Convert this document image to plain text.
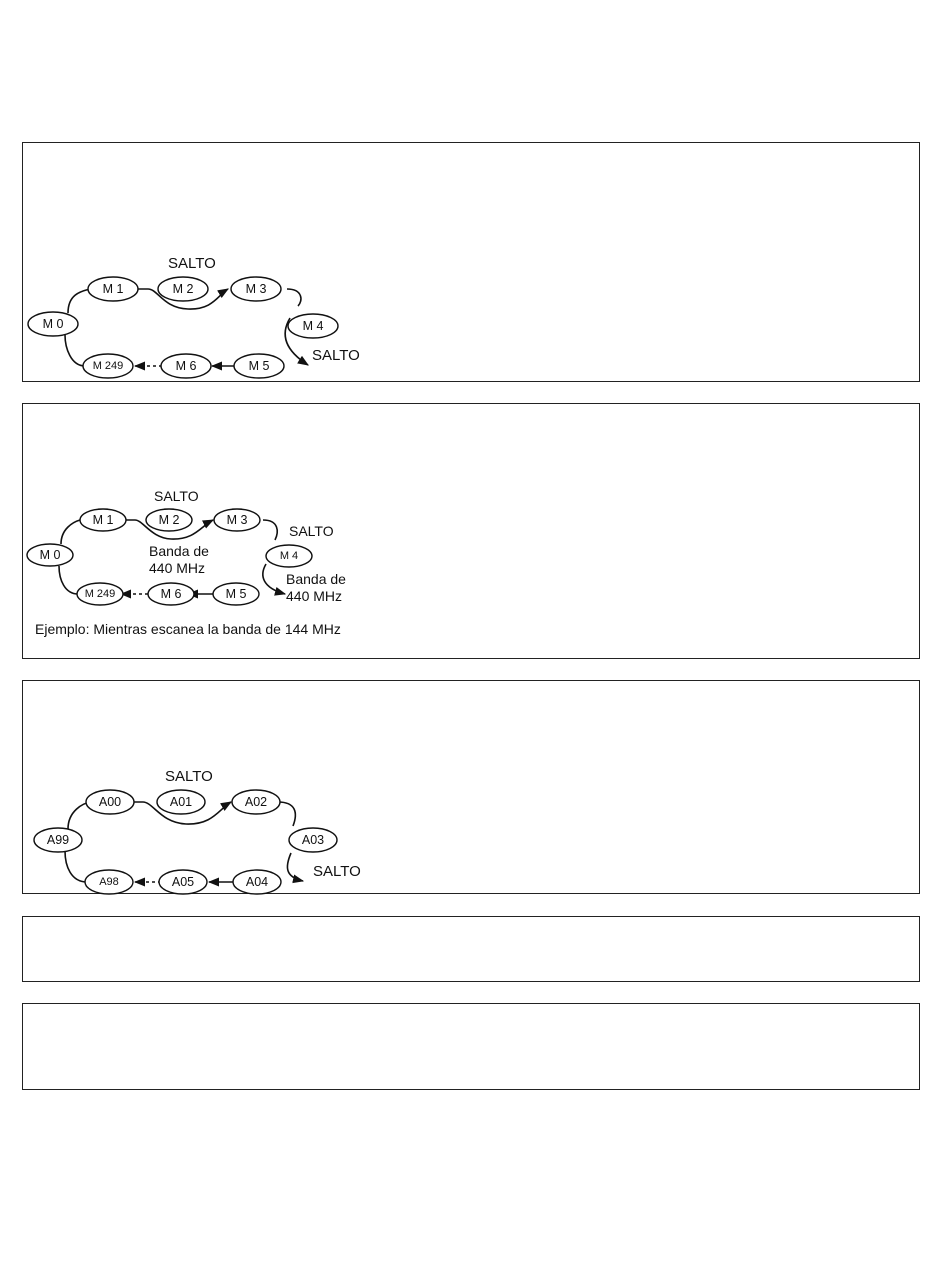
M 0
M 1	M 2	M 3
M 4
M 5
M 6
M 249
SALTO
SALTO
M 0
M 1	M 2	M 3
M 4
M 5
M 6
M 249
SALTO
SALTO
Banda de
440 MHz
Banda de
440 MHz
Ejemplo: Mientras escanea la banda de 144 MHz
A99
A00	A01	A02
A03
A04
A05
A98
SALTO
SALTO
